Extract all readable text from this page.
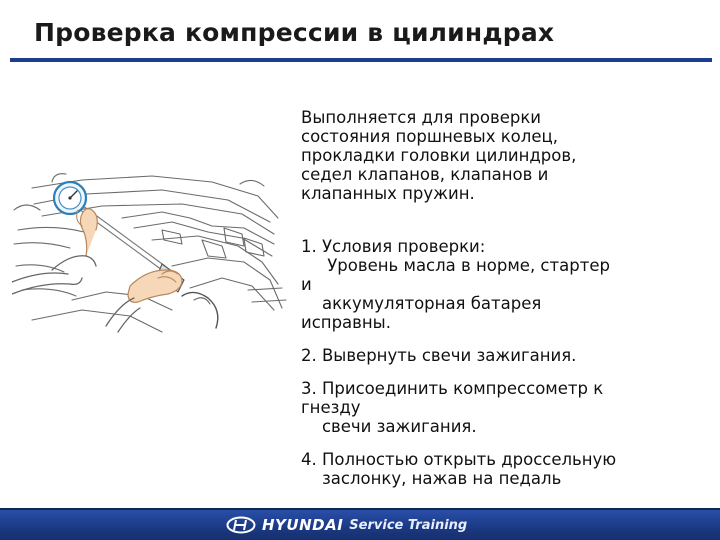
Проверка компрессии в цилиндрах

Выполняется для проверки
состояния поршневых колец,
прокладки головки цилиндров,
седел клапанов, клапанов и
клапанных пружин.

1. Условия проверки:
Уровень масла в норме, стартер
и
аккумуляторная батарея
исправны.

2. Вывернуть свечи зажигания.

3. Присоединить компрессометр к
гнезду
свечи зажигания.

4. Полностью открыть дроссельную
заслонку, нажав на педаль

HYUNDAI Service Training
